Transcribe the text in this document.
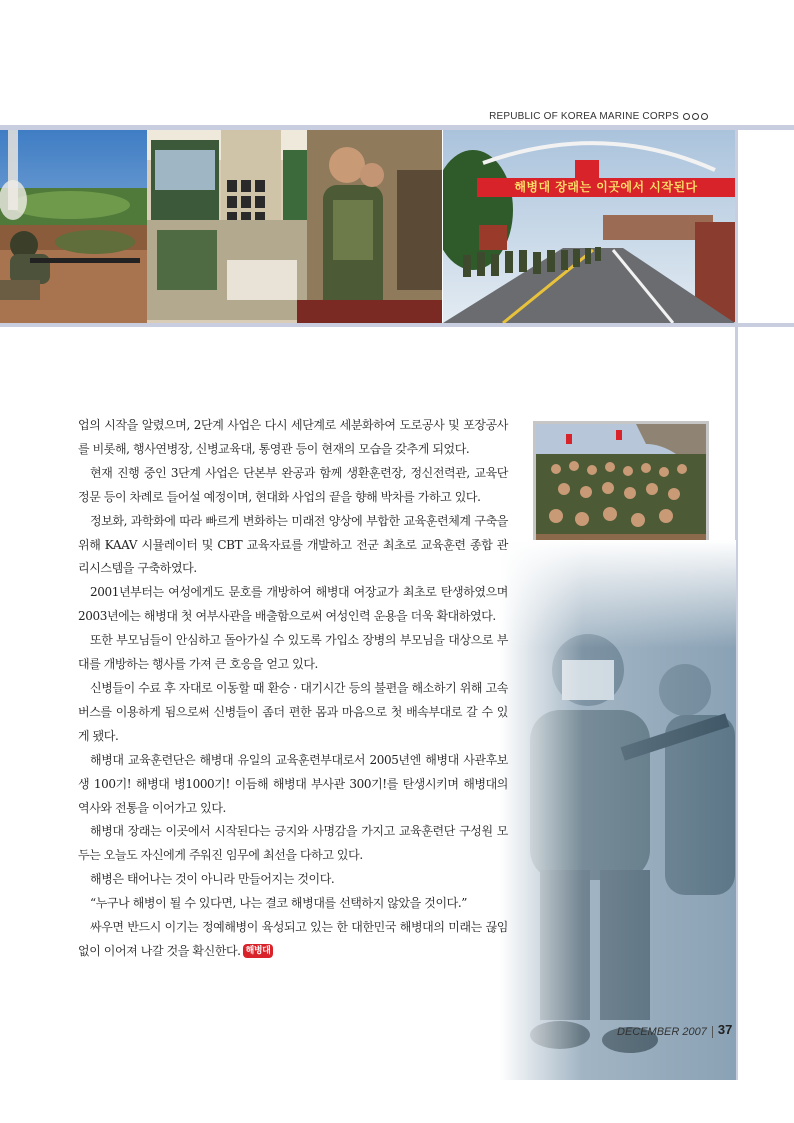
REPUBLIC OF KOREA MARINE CORPS
해병대 장래는 이곳에서 시작된다

업의 시작을 알렸으며, 2단계 사업은 다시 세단계로 세분화하여 도로공사 및 포장공사를 비롯해, 행사연병장, 신병교육대, 통영관 등이 현재의 모습을 갖추게 되었다.

현재 진행 중인 3단계 사업은 단본부 완공과 함께 생환훈련장, 정신전력관, 교육단 정문 등이 차례로 들어설 예정이며, 현대화 사업의 끝을 향해 박차를 가하고 있다.

정보화, 과학화에 따라 빠르게 변화하는 미래전 양상에 부합한 교육훈련체계 구축을 위해 KAAV 시뮬레이터 및 CBT 교육자료를 개발하고 전군 최초로 교육훈련 종합 관리시스템을 구축하였다.

2001년부터는 여성에게도 문호를 개방하여 해병대 여장교가 최초로 탄생하였으며 2003년에는 해병대 첫 여부사관을 배출함으로써 여성인력 운용을 더욱 확대하였다.

또한 부모님들이 안심하고 돌아가실 수 있도록 가입소 장병의 부모님을 대상으로 부대를 개방하는 행사를 가져 큰 호응을 얻고 있다.

신병들이 수료 후 자대로 이동할 때 환승 · 대기시간 등의 불편을 해소하기 위해 고속버스를 이용하게 됨으로써 신병들이 좀더 편한 몸과 마음으로 첫 배속부대로 갈 수 있게 됐다.

해병대 교육훈련단은 해병대 유일의 교육훈련부대로서 2005년엔 해병대 사관후보생 100기! 해병대 병1000기! 이듬해 해병대 부사관 300기!를 탄생시키며 해병대의 역사와 전통을 이어가고 있다.

해병대 장래는 이곳에서 시작된다는 긍지와 사명감을 가지고 교육훈련단 구성원 모두는 오늘도 자신에게 주워진 임무에 최선을 다하고 있다.

해병은 태어나는 것이 아니라 만들어지는 것이다.

“누구나 해병이 될 수 있다면, 나는 결코 해병대를 선택하지 않았을 것이다.”

싸우면 반드시 이기는 정예해병이 육성되고 있는 한 대한민국 해병대의 미래는 끊임없이 이어져 나갈 것을 확신한다. 해병대

DECEMBER 2007 37
